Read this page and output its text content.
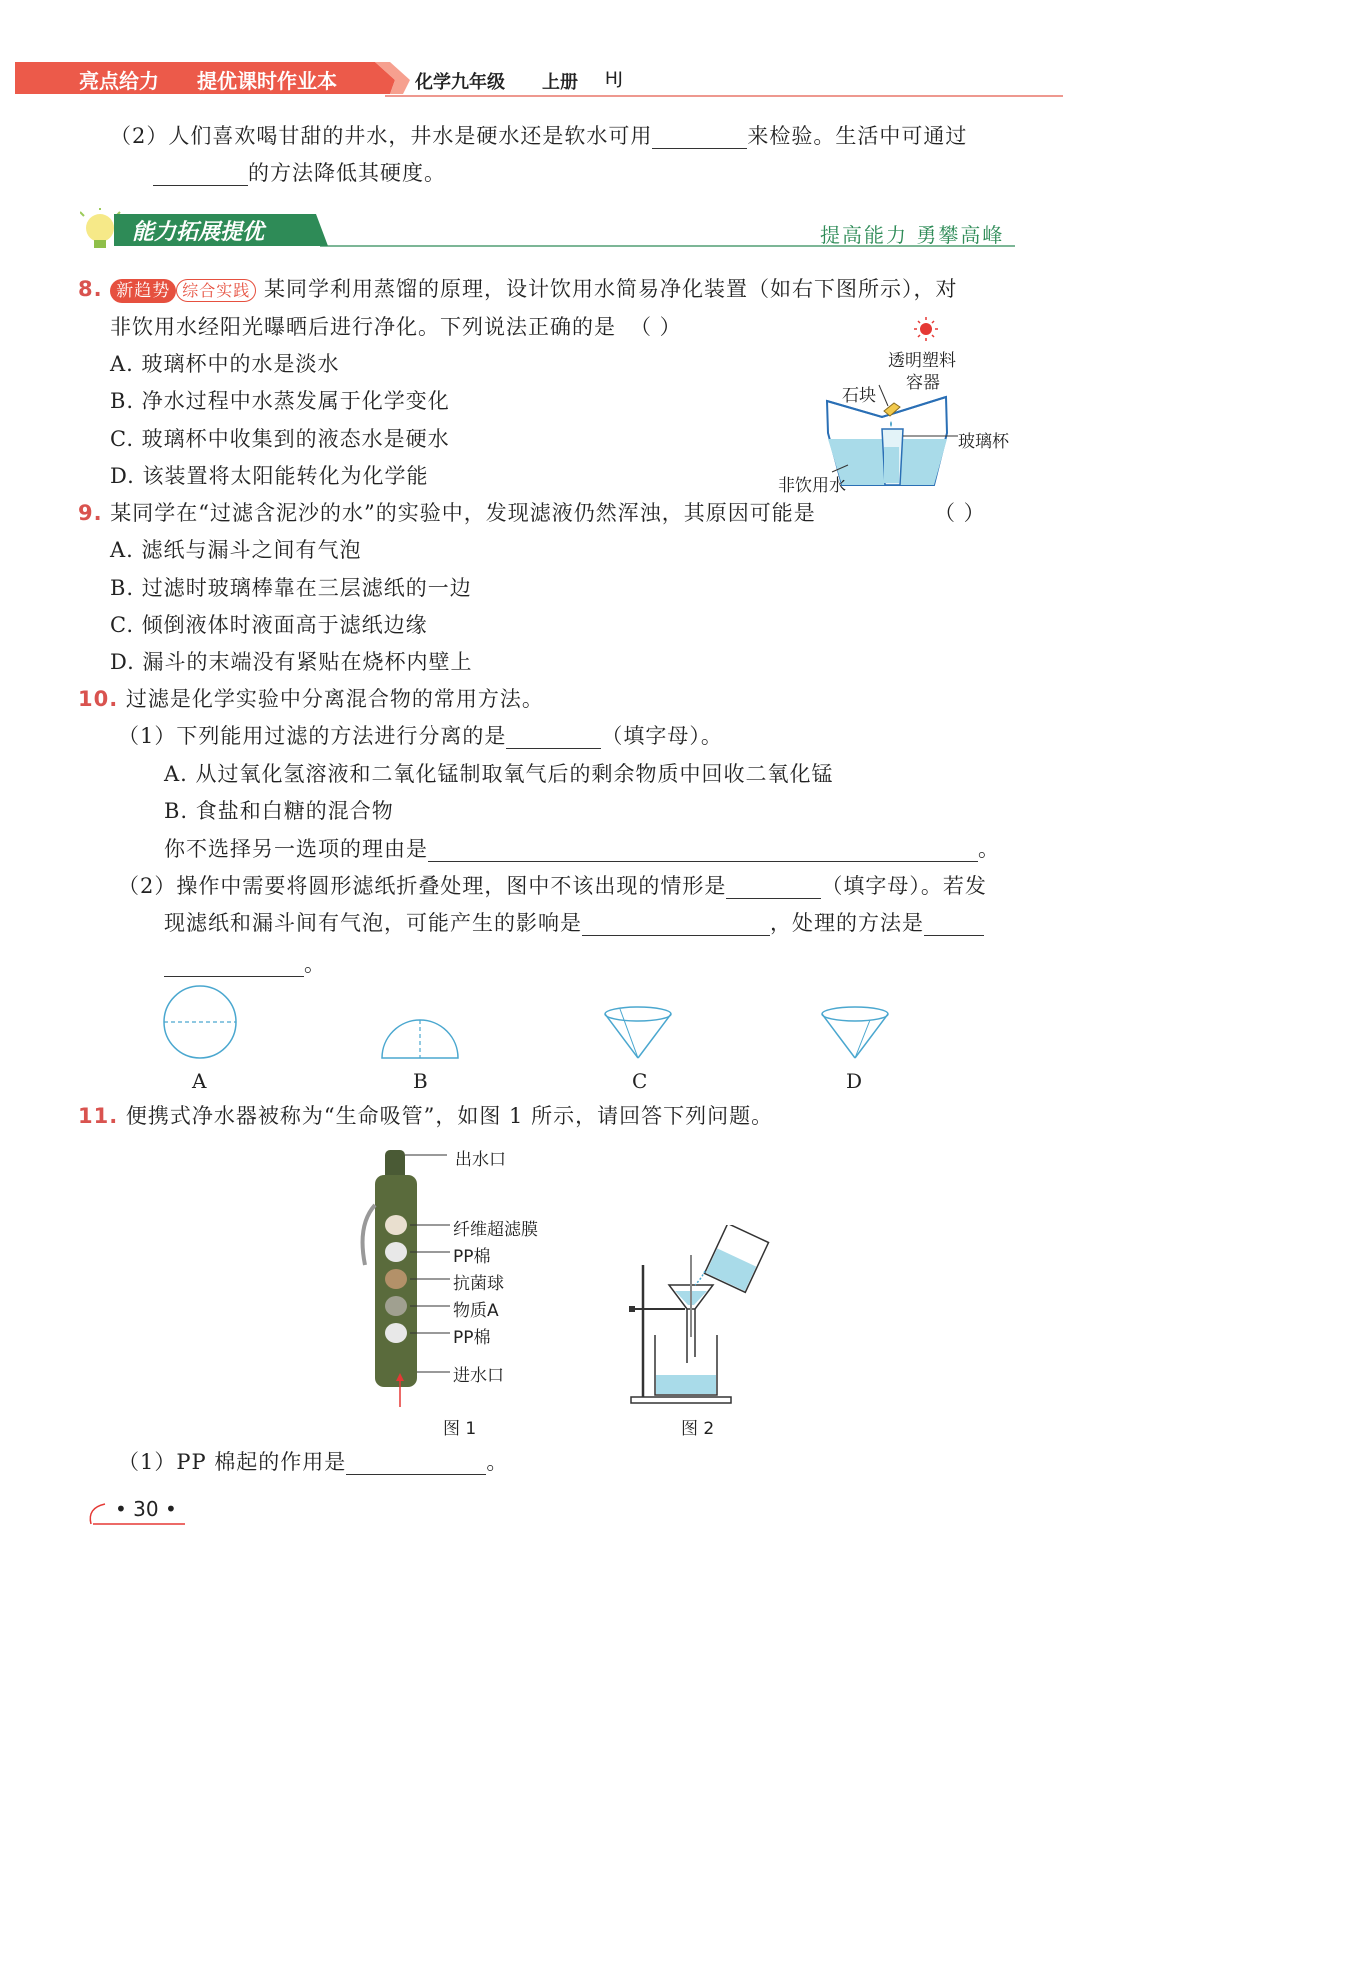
亮点给力 提优课时作业本	化学九年级 上册 HJ
（2）人们喜欢喝甘甜的井水，井水是硬水还是软水可用	来检验。生活中可通过
的方法降低其硬度。
能力拓展提优	提高能力 勇攀高峰
8. 新趋势 综合实践 某同学利用蒸馏的原理，设计饮用水简易净化装置（如右下图所示），对
非饮用水经阳光曝晒后进行净化。下列说法正确的是 （ ）
A. 玻璃杯中的水是淡水
B. 净水过程中水蒸发属于化学变化
C. 玻璃杯中收集到的液态水是硬水
D. 该装置将太阳能转化为化学能
透明塑料
容器
石块
玻璃杯
非饮用水
9. 某同学在“过滤含泥沙的水”的实验中，发现滤液仍然浑浊，其原因可能是	（ ）
A. 滤纸与漏斗之间有气泡
B. 过滤时玻璃棒靠在三层滤纸的一边
C. 倾倒液体时液面高于滤纸边缘
D. 漏斗的末端没有紧贴在烧杯内壁上
10. 过滤是化学实验中分离混合物的常用方法。
（1）下列能用过滤的方法进行分离的是	（填字母）。
A. 从过氧化氢溶液和二氧化锰制取氧气后的剩余物质中回收二氧化锰
B. 食盐和白糖的混合物
你不选择另一选项的理由是	。
（2）操作中需要将圆形滤纸折叠处理，图中不该出现的情形是	（填字母）。若发
现滤纸和漏斗间有气泡，可能产生的影响是	，处理的方法是
。
A	B	C	D
11. 便携式净水器被称为“生命吸管”，如图 1 所示，请回答下列问题。
出水口
纤维超滤膜
PP棉
抗菌球
物质A
PP棉
进水口
图 1	图 2
（1）PP 棉起的作用是	。
• 30 •
